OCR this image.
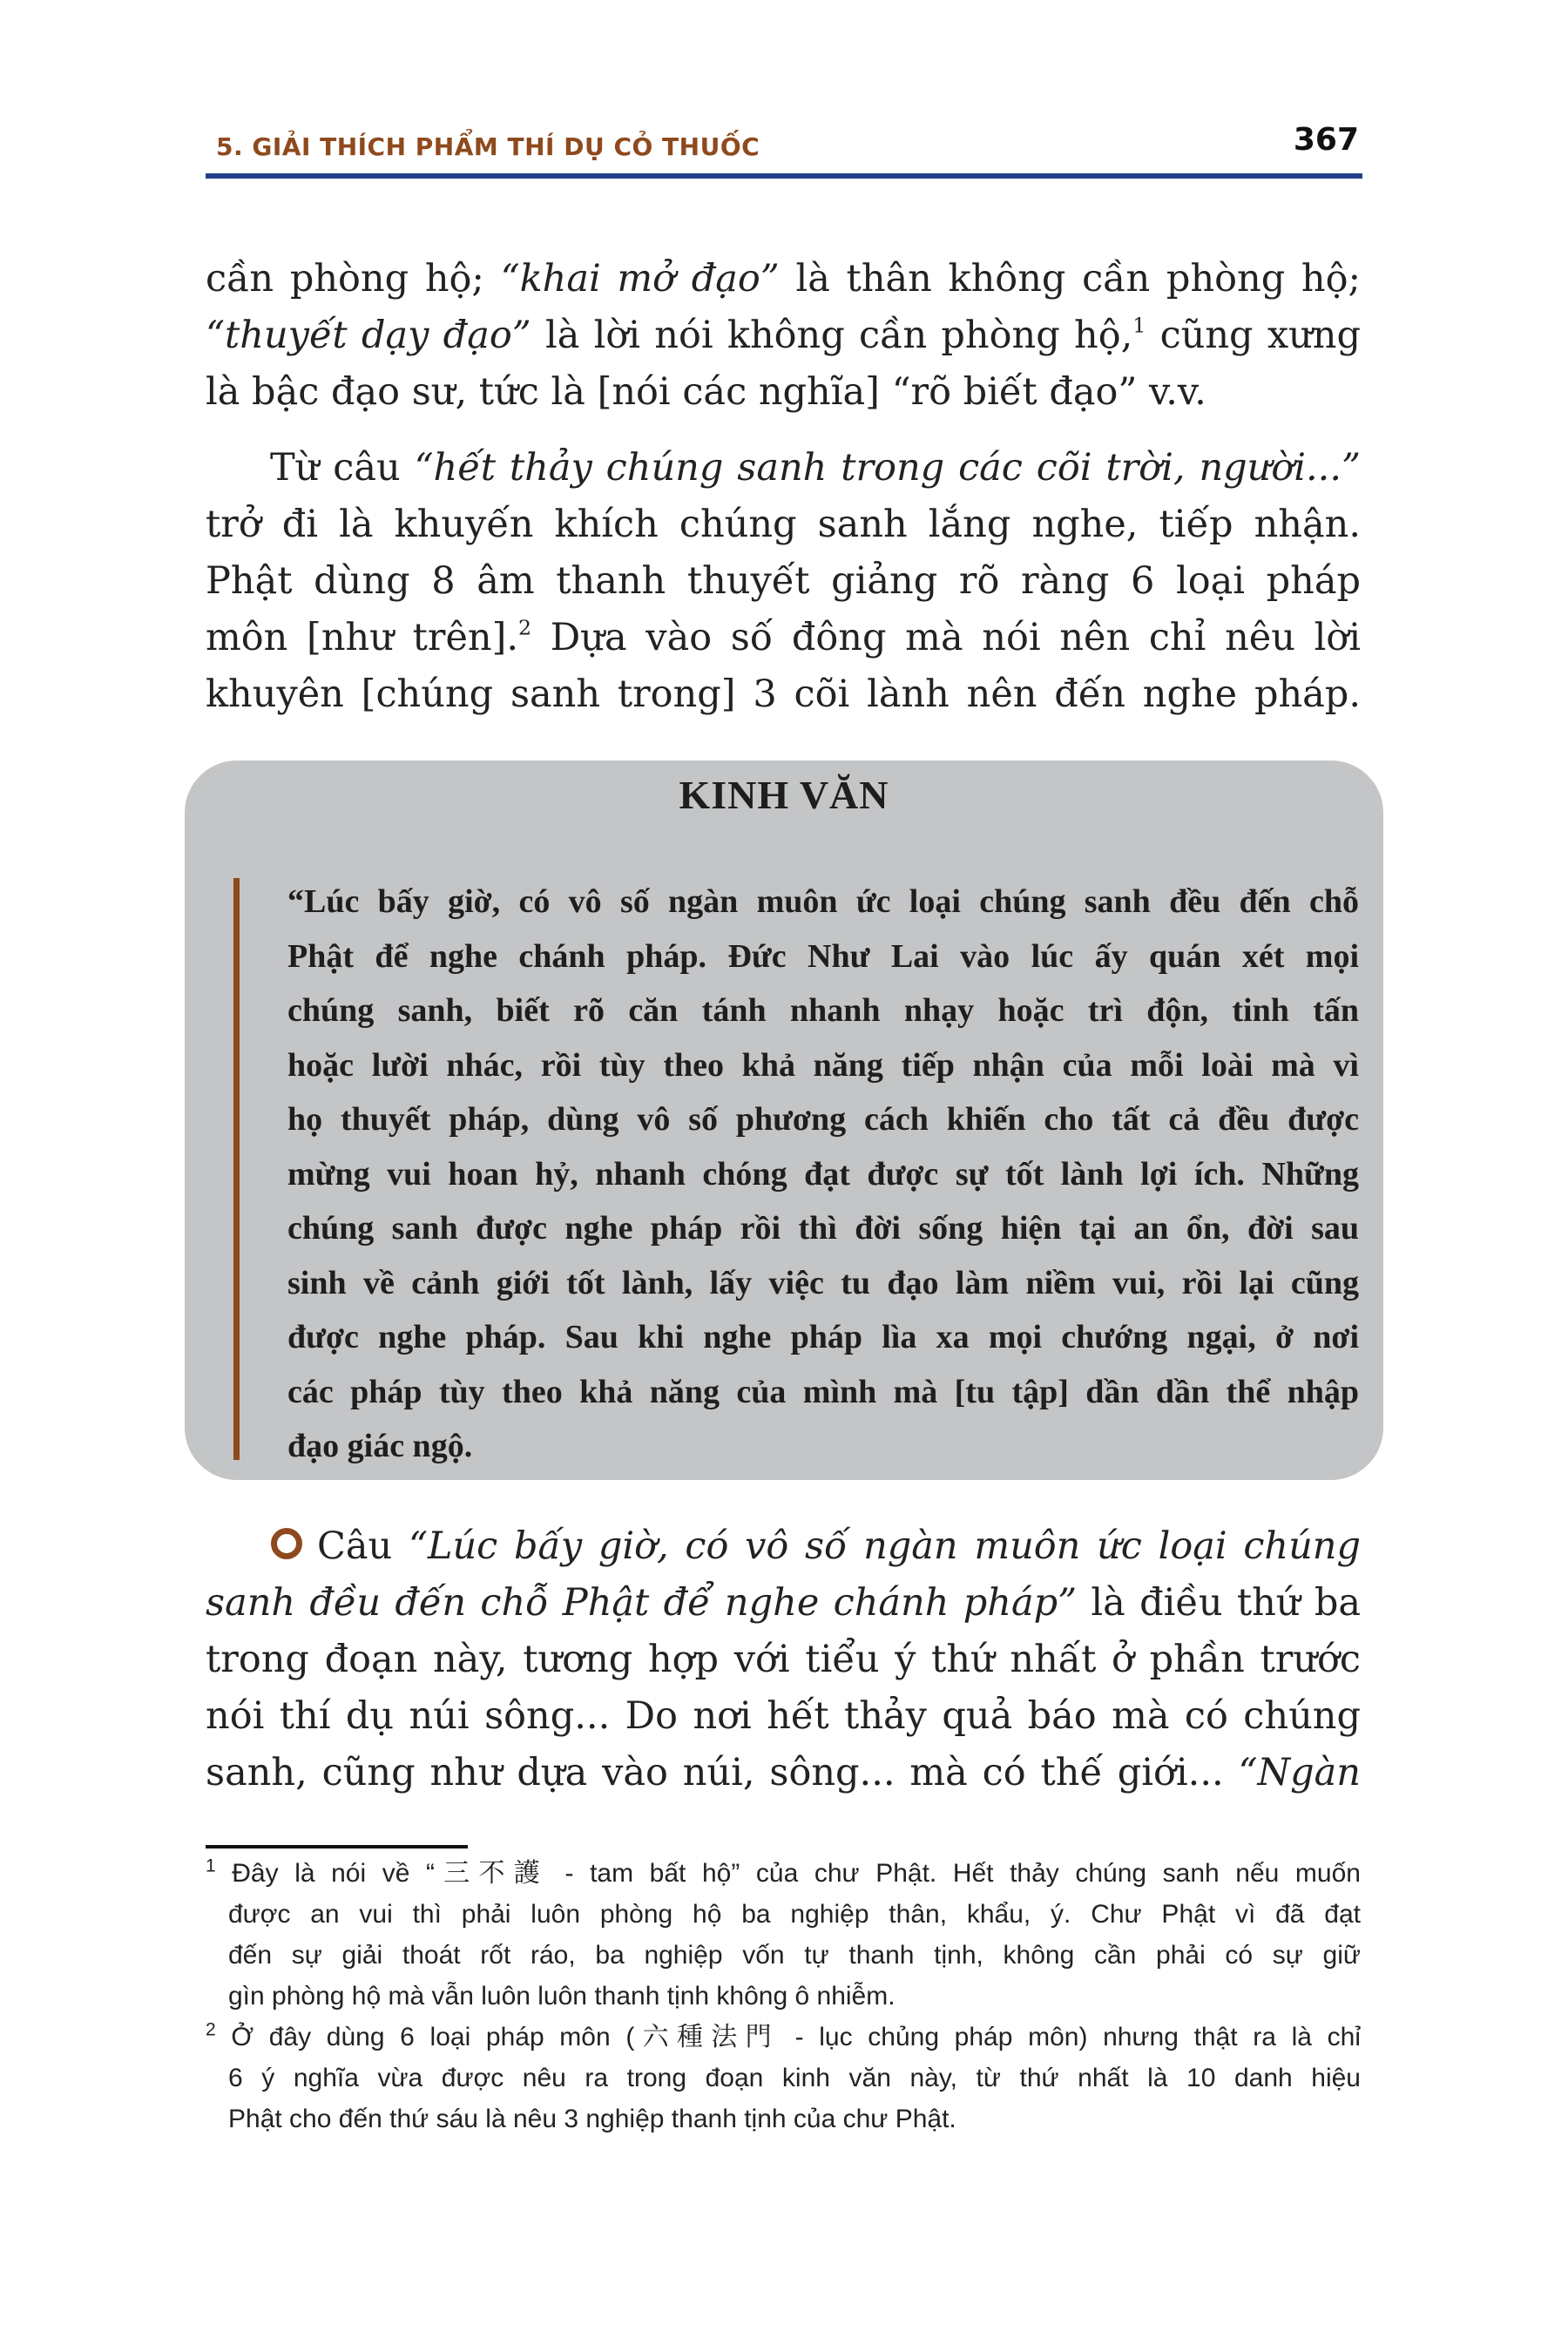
5. GIẢI THÍCH PHẨM THÍ DỤ CỎ THUỐC	367
cần phòng hộ; “khai mở đạo” là thân không cần phòng hộ;
“thuyết dạy đạo” là lời nói không cần phòng hộ,$^1$ cũng xưng
là bậc đạo sư, tức là [nói các nghĩa] “rõ biết đạo” v.v.
Từ câu “hết thảy chúng sanh trong các cõi trời, người...”
trở đi là khuyến khích chúng sanh lắng nghe, tiếp nhận.
Phật dùng 8 âm thanh thuyết giảng rõ ràng 6 loại pháp
môn [như trên].$^2$ Dựa vào số đông mà nói nên chỉ nêu lời
khuyên [chúng sanh trong] 3 cõi lành nên đến nghe pháp.
KINH VĂN
“Lúc bấy giờ, có vô số ngàn muôn ức loại chúng sanh đều đến chỗ
Phật để nghe chánh pháp. Đức Như Lai vào lúc ấy quán xét mọi
chúng sanh, biết rõ căn tánh nhanh nhạy hoặc trì độn, tinh tấn
hoặc lười nhác, rồi tùy theo khả năng tiếp nhận của mỗi loài mà vì
họ thuyết pháp, dùng vô số phương cách khiến cho tất cả đều được
mừng vui hoan hỷ, nhanh chóng đạt được sự tốt lành lợi ích. Những
chúng sanh được nghe pháp rồi thì đời sống hiện tại an ổn, đời sau
sinh về cảnh giới tốt lành, lấy việc tu đạo làm niềm vui, rồi lại cũng
được nghe pháp. Sau khi nghe pháp lìa xa mọi chướng ngại, ở nơi
các pháp tùy theo khả năng của mình mà [tu tập] dần dần thể nhập
đạo giác ngộ.
Câu “Lúc bấy giờ, có vô số ngàn muôn ức loại chúng
sanh đều đến chỗ Phật để nghe chánh pháp” là điều thứ ba
trong đoạn này, tương hợp với tiểu ý thứ nhất ở phần trước
nói thí dụ núi sông... Do nơi hết thảy quả báo mà có chúng
sanh, cũng như dựa vào núi, sông... mà có thế giới... “Ngàn
$^1$ Đây là nói về “三不護 - tam bất hộ” của chư Phật. Hết thảy chúng sanh nếu muốn
được an vui thì phải luôn phòng hộ ba nghiệp thân, khẩu, ý. Chư Phật vì đã đạt
đến sự giải thoát rốt ráo, ba nghiệp vốn tự thanh tịnh, không cần phải có sự giữ
gìn phòng hộ mà vẫn luôn luôn thanh tịnh không ô nhiễm.
$^2$ Ở đây dùng 6 loại pháp môn (六種法門 - lục chủng pháp môn) nhưng thật ra là chỉ
6 ý nghĩa vừa được nêu ra trong đoạn kinh văn này, từ thứ nhất là 10 danh hiệu
Phật cho đến thứ sáu là nêu 3 nghiệp thanh tịnh của chư Phật.
